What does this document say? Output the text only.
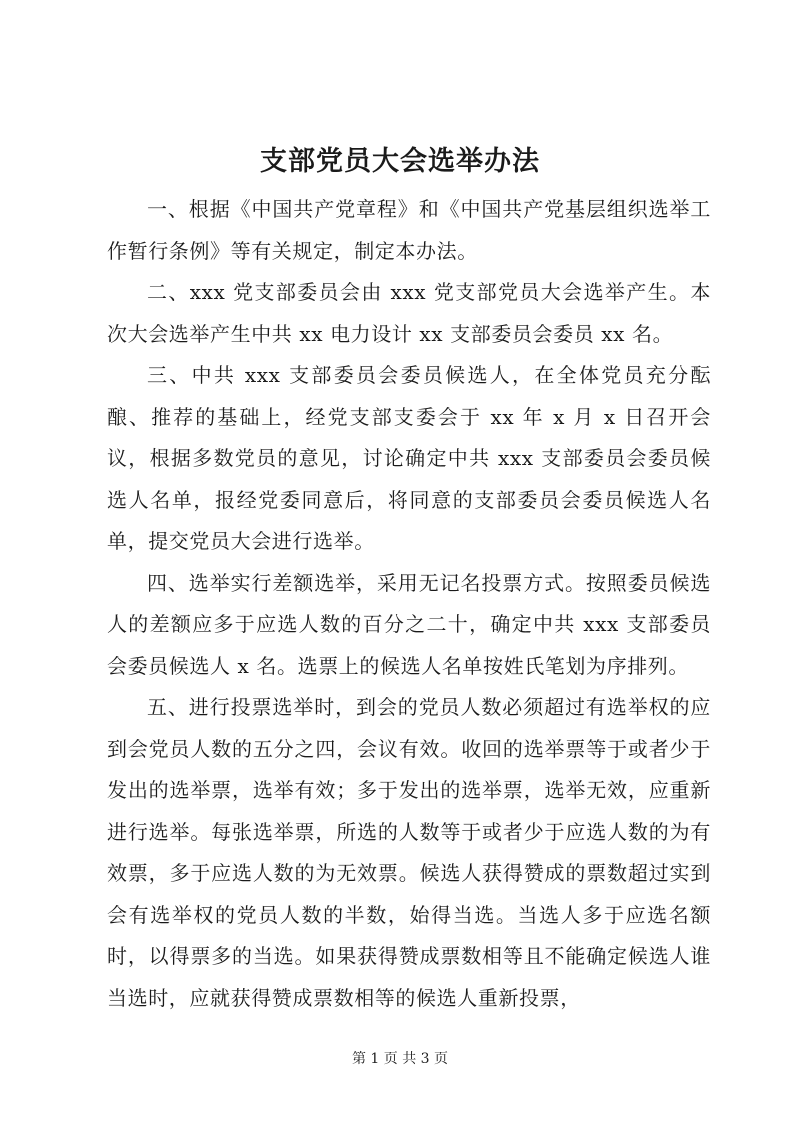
支部党员大会选举办法

一、根据《中国共产党章程》和《中国共产党基层组织选举工作暂行条例》等有关规定，制定本办法。

二、xxx 党支部委员会由 xxx 党支部党员大会选举产生。本次大会选举产生中共 xx 电力设计 xx 支部委员会委员 xx 名。

三、中共 xxx 支部委员会委员候选人，在全体党员充分酝酿、推荐的基础上，经党支部支委会于 xx 年 x 月 x 日召开会议，根据多数党员的意见，讨论确定中共 xxx 支部委员会委员候选人名单，报经党委同意后，将同意的支部委员会委员候选人名单，提交党员大会进行选举。

四、选举实行差额选举，采用无记名投票方式。按照委员候选人的差额应多于应选人数的百分之二十，确定中共 xxx 支部委员会委员候选人 x 名。选票上的候选人名单按姓氏笔划为序排列。

五、进行投票选举时，到会的党员人数必须超过有选举权的应到会党员人数的五分之四，会议有效。收回的选举票等于或者少于发出的选举票，选举有效；多于发出的选举票，选举无效，应重新进行选举。每张选举票，所选的人数等于或者少于应选人数的为有效票，多于应选人数的为无效票。候选人获得赞成的票数超过实到会有选举权的党员人数的半数，始得当选。当选人多于应选名额时，以得票多的当选。如果获得赞成票数相等且不能确定候选人谁当选时，应就获得赞成票数相等的候选人重新投票，

第 1 页 共 3 页
